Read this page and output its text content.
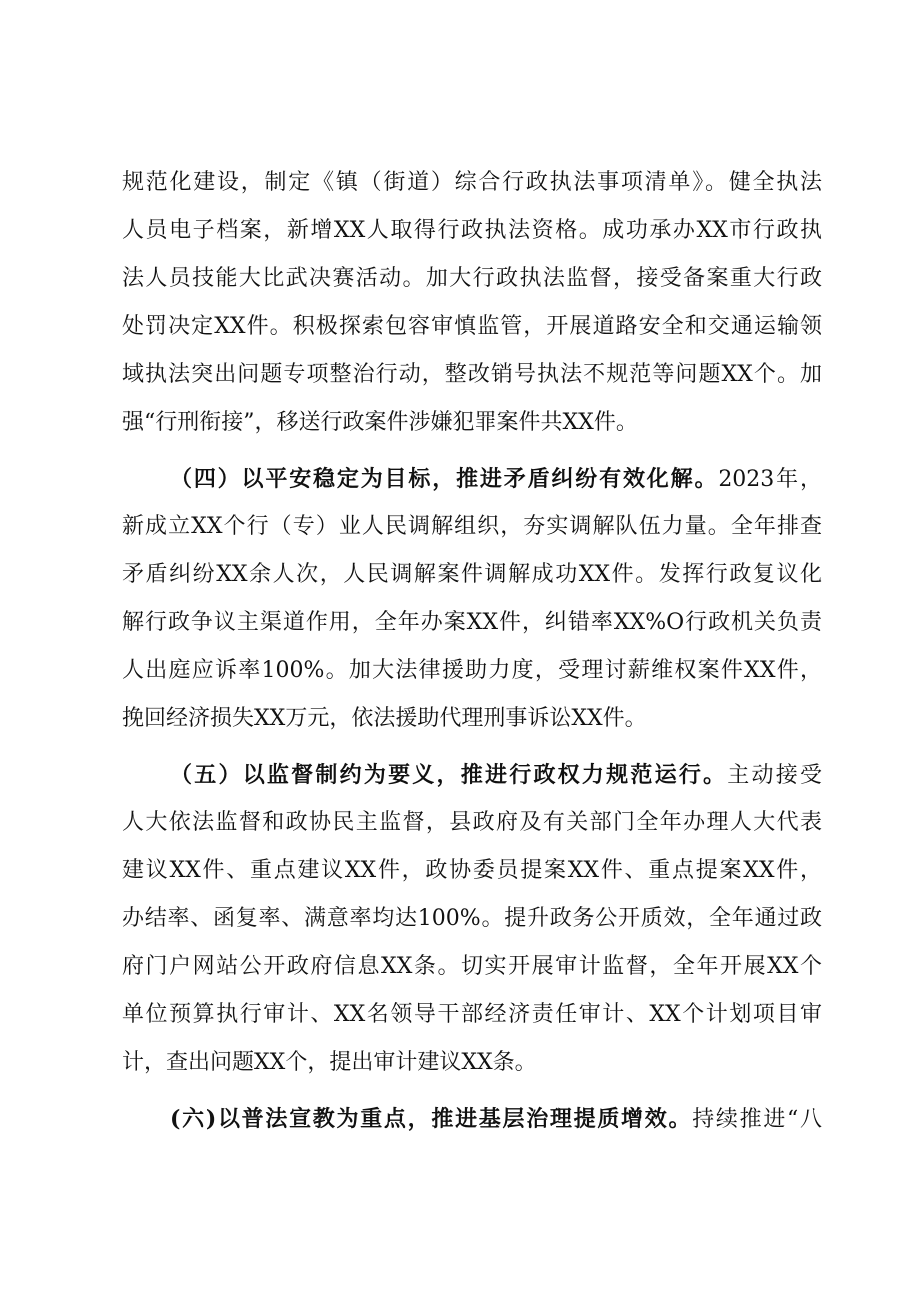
规范化建设，制定《镇（街道）综合行政执法事项清单》。健全执法
人员电子档案，新增XX人取得行政执法资格。成功承办XX市行政执
法人员技能大比武决赛活动。加大行政执法监督，接受备案重大行政
处罚决定XX件。积极探索包容审慎监管，开展道路安全和交通运输领
域执法突出问题专项整治行动，整改销号执法不规范等问题XX个。加
强“行刑衔接”，移送行政案件涉嫌犯罪案件共XX件。
（四）以平安稳定为目标，推进矛盾纠纷有效化解。2023年，
新成立XX个行（专）业人民调解组织，夯实调解队伍力量。全年排查
矛盾纠纷XX余人次，人民调解案件调解成功XX件。发挥行政复议化
解行政争议主渠道作用，全年办案XX件，纠错率XX%O行政机关负责
人出庭应诉率100%。加大法律援助力度，受理讨薪维权案件XX件，
挽回经济损失XX万元，依法援助代理刑事诉讼XX件。
（五）以监督制约为要义，推进行政权力规范运行。主动接受
人大依法监督和政协民主监督，县政府及有关部门全年办理人大代表
建议XX件、重点建议XX件，政协委员提案XX件、重点提案XX件，
办结率、函复率、满意率均达100%。提升政务公开质效，全年通过政
府门户网站公开政府信息XX条。切实开展审计监督，全年开展XX个
单位预算执行审计、XX名领导干部经济责任审计、XX个计划项目审
计，查出问题XX个，提出审计建议XX条。
(六)以普法宣教为重点，推进基层治理提质增效。持续推进“八
